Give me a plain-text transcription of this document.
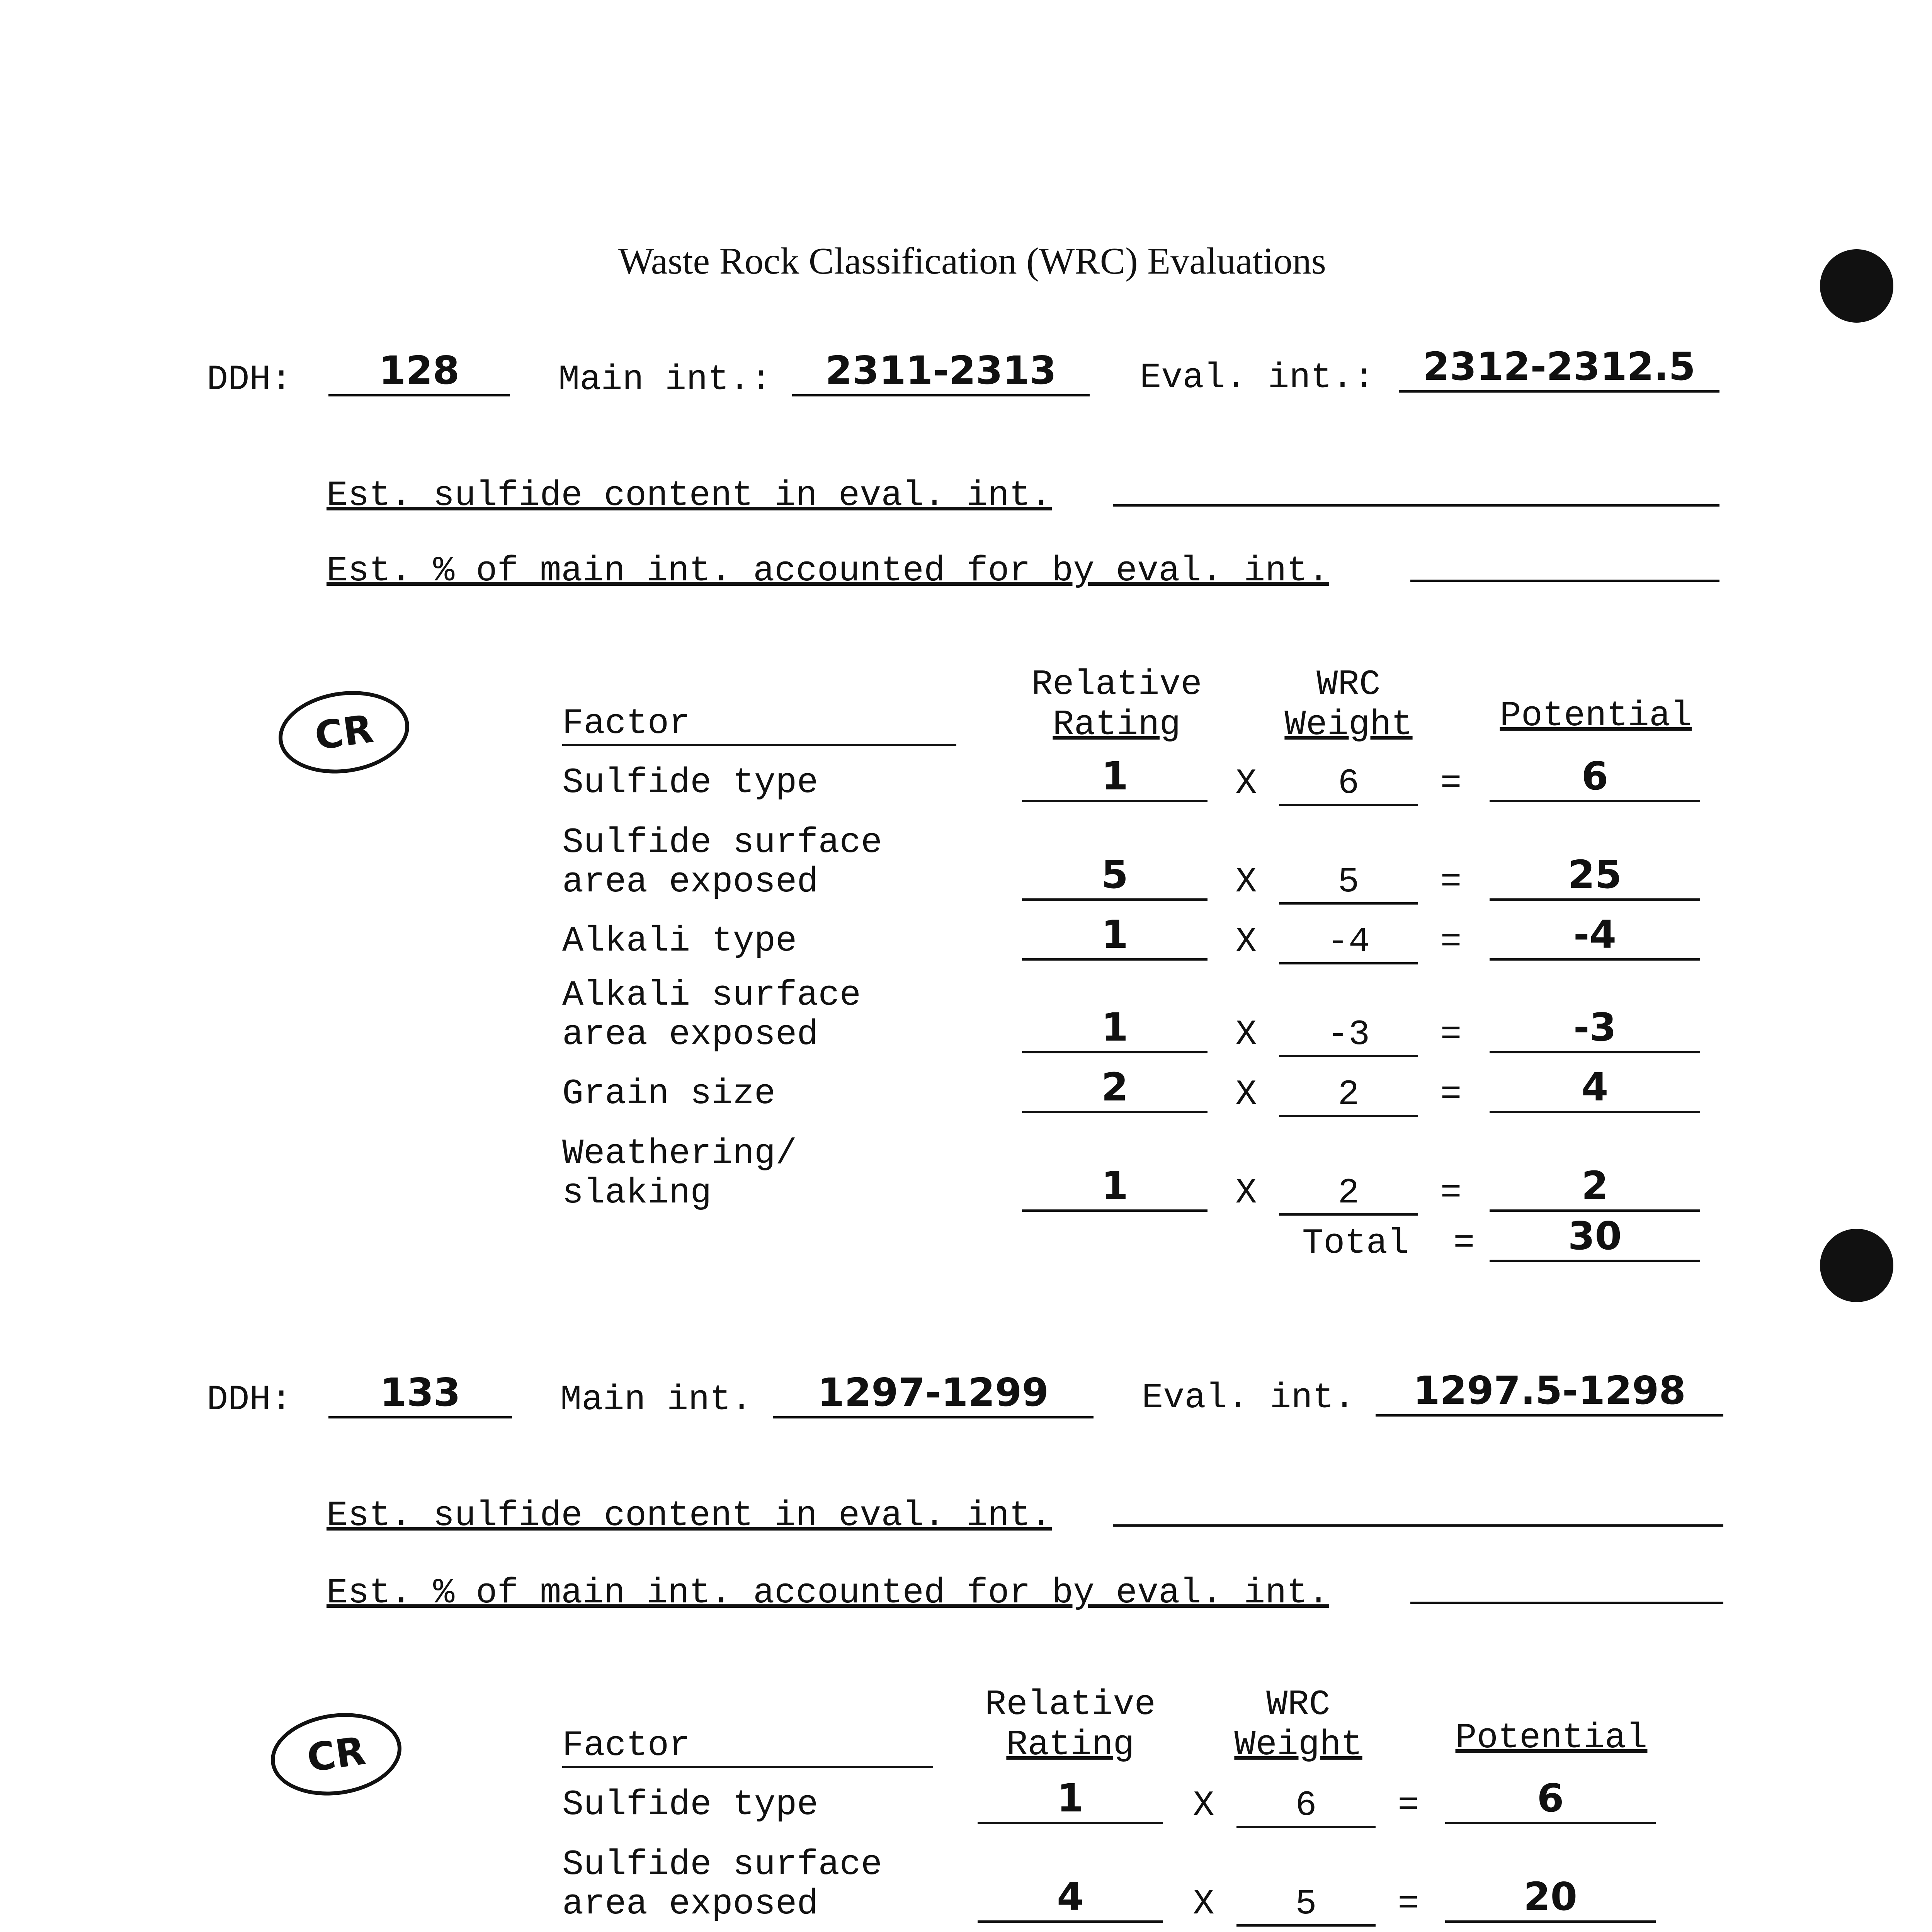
Waste Rock Classification (WRC) Evaluations
DDH:	128	Main int.:	2311-2313	Eval. int.:	2312-2312.5
Est. sulfide content in eval. int.
Est. % of main int. accounted for by eval. int.
CR	Factor
Relative
Rating
WRC
Weight	Potential
Sulfide type	1	X	6	=	6
Sulfide surface
area exposed	5	X	5	=	25
Alkali type	1	X	-4	=	-4
Alkali surface
area exposed	1	X	-3	=	-3
Grain size	2	X	2	=	4
Weathering/
slaking	1	X	2	=	2
Total =	30
DDH:	133	Main int.	1297-1299	Eval. int.	1297.5-1298
Est. sulfide content in eval. int.
Est. % of main int. accounted for by eval. int.
CR	Factor
Relative
Rating
WRC
Weight	Potential
Sulfide type	1	X	6	=	6
Sulfide surface
area exposed	4	X	5	=	20
